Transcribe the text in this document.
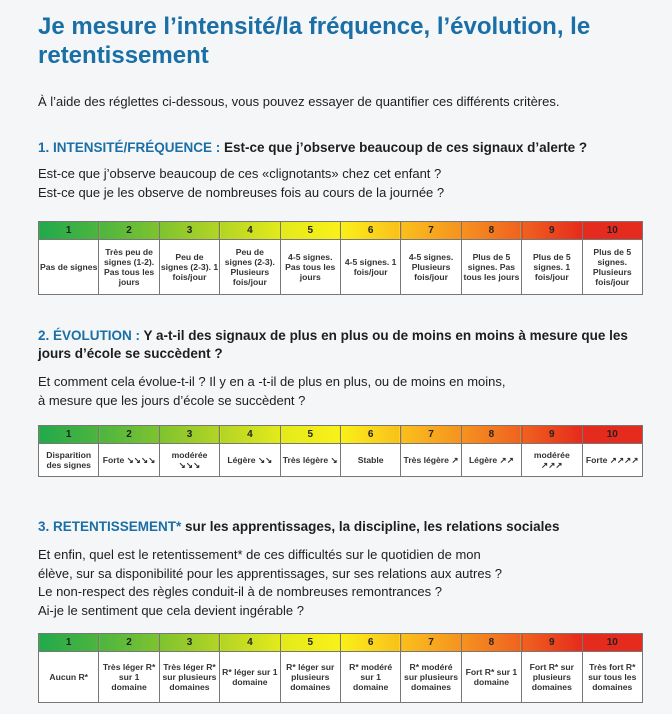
Je mesure l’intensité/la fréquence, l’évolution, le retentissement
À l’aide des réglettes ci-dessous, vous pouvez essayer de quantifier ces différents critères.
1. INTENSITÉ/FRÉQUENCE : Est-ce que j’observe beaucoup de ces signaux d’alerte ?
Est-ce que j’observe beaucoup de ces «clignotants» chez cet enfant ?
Est-ce que je les observe de nombreuses fois au cours de la journée ?
1	2	3	4	5	6	7	8	9	10
Pas de signes	Très peu de signes (1-2). Pas tous les jours	Peu de signes (2-3). 1 fois/jour	Peu de signes (2-3). Plusieurs fois/jour	4-5 signes. Pas tous les jours	4-5 signes. 1 fois/jour	4-5 signes. Plusieurs fois/jour	Plus de 5 signes. Pas tous les jours	Plus de 5 signes. 1 fois/jour	Plus de 5 signes. Plusieurs fois/jour
2. ÉVOLUTION : Y a-t-il des signaux de plus en plus ou de moins en moins à mesure que les jours d’école se succèdent ?
Et comment cela évolue-t-il ? Il y en a -t-il de plus en plus, ou de moins en moins,
à mesure que les jours d’école se succèdent ?
1	2	3	4	5	6	7	8	9	10
Disparition des signes	Forte ↘↘↘↘	modérée ↘↘↘	Légère ↘↘	Très légère ↘	Stable	Très légère ↗	Légère ↗↗	modérée ↗↗↗	Forte ↗↗↗↗
3. RETENTISSEMENT* sur les apprentissages, la discipline, les relations sociales
Et enfin, quel est le retentissement* de ces difficultés sur le quotidien de mon
élève, sur sa disponibilité pour les apprentissages, sur ses relations aux autres ?
Le non-respect des règles conduit-il à de nombreuses remontrances ?
Ai-je le sentiment que cela devient ingérable ?
1	2	3	4	5	6	7	8	9	10
Aucun R*	Très léger R* sur 1 domaine	Très léger R* sur plusieurs domaines	R* léger sur 1 domaine	R* léger sur plusieurs domaines	R* modéré sur 1 domaine	R* modéré sur plusieurs domaines	Fort R* sur 1 domaine	Fort R* sur plusieurs domaines	Très fort R* sur tous les domaines
